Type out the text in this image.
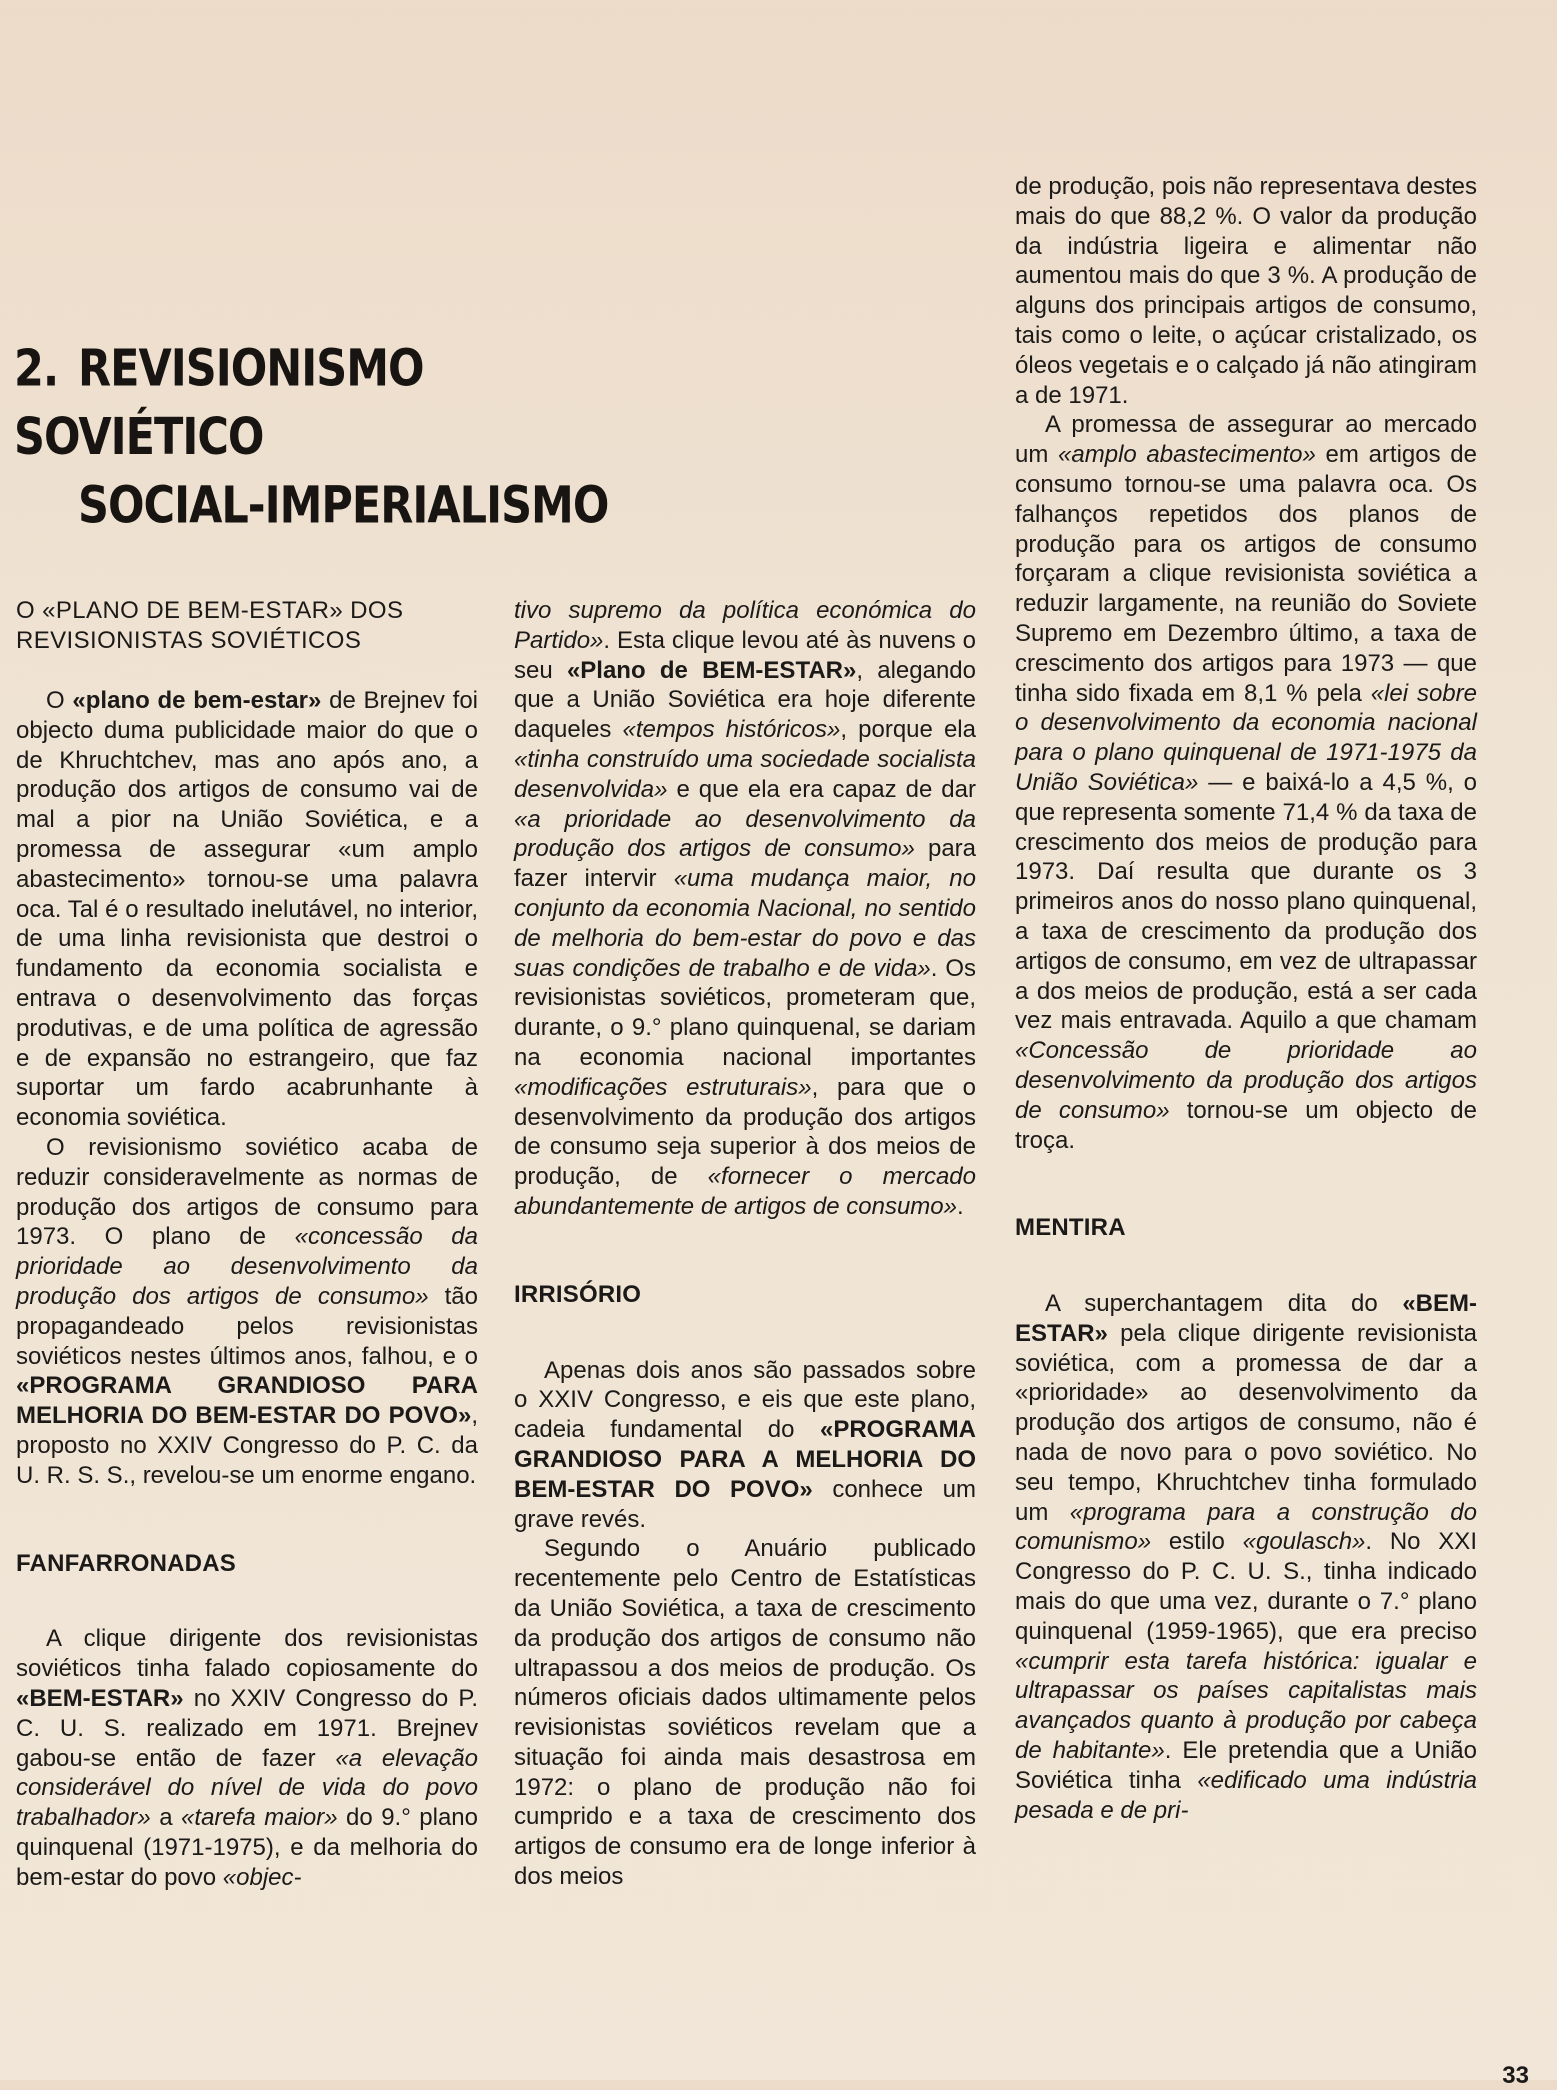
2. REVISIONISMO SOVIÉTICO
SOCIAL-IMPERIALISMO

O «PLANO DE BEM-ESTAR» DOS REVISIONISTAS SOVIÉTICOS

O «plano de bem-estar» de Brejnev foi objecto duma publicidade maior do que o de Khruchtchev, mas ano após ano, a produção dos artigos de consumo vai de mal a pior na União Soviética, e a promessa de assegurar «um amplo abastecimento» tornou-se uma palavra oca. Tal é o resultado inelutável, no interior, de uma linha revisionista que destroi o fundamento da economia socialista e entrava o desenvolvimento das forças produtivas, e de uma política de agressão e de expansão no estrangeiro, que faz suportar um fardo acabrunhante à economia soviética.

O revisionismo soviético acaba de reduzir consideravelmente as normas de produção dos artigos de consumo para 1973. O plano de «concessão da prioridade ao desenvolvimento da produção dos artigos de consumo» tão propagandeado pelos revisionistas soviéticos nestes últimos anos, falhou, e o «PROGRAMA GRANDIOSO PARA MELHORIA DO BEM-ESTAR DO POVO», proposto no XXIV Congresso do P. C. da U. R. S. S., revelou-se um enorme engano.

FANFARRONADAS

A clique dirigente dos revisionistas soviéticos tinha falado copiosamente do «BEM-ESTAR» no XXIV Congresso do P. C. U. S. realizado em 1971. Brejnev gabou-se então de fazer «a elevação considerável do nível de vida do povo trabalhador» a «tarefa maior» do 9.° plano quinquenal (1971-1975), e da melhoria do bem-estar do povo «objec-

tivo supremo da política económica do Partido». Esta clique levou até às nuvens o seu «Plano de BEM-ESTAR», alegando que a União Soviética era hoje diferente daqueles «tempos históricos», porque ela «tinha construído uma sociedade socialista desenvolvida» e que ela era capaz de dar «a prioridade ao desenvolvimento da produção dos artigos de consumo» para fazer intervir «uma mudança maior, no conjunto da economia Nacional, no sentido de melhoria do bem-estar do povo e das suas condições de trabalho e de vida». Os revisionistas soviéticos, prometeram que, durante, o 9.° plano quinquenal, se dariam na economia nacional importantes «modificações estruturais», para que o desenvolvimento da produção dos artigos de consumo seja superior à dos meios de produção, de «fornecer o mercado abundantemente de artigos de consumo».

IRRISÓRIO

Apenas dois anos são passados sobre o XXIV Congresso, e eis que este plano, cadeia fundamental do «PROGRAMA GRANDIOSO PARA A MELHORIA DO BEM-ESTAR DO POVO» conhece um grave revés.

Segundo o Anuário publicado recentemente pelo Centro de Estatísticas da União Soviética, a taxa de crescimento da produção dos artigos de consumo não ultrapassou a dos meios de produção. Os números oficiais dados ultimamente pelos revisionistas soviéticos revelam que a situação foi ainda mais desastrosa em 1972: o plano de produção não foi cumprido e a taxa de crescimento dos artigos de consumo era de longe inferior à dos meios

de produção, pois não representava destes mais do que 88,2 %. O valor da produção da indústria ligeira e alimentar não aumentou mais do que 3 %. A produção de alguns dos principais artigos de consumo, tais como o leite, o açúcar cristalizado, os óleos vegetais e o calçado já não atingiram a de 1971.

A promessa de assegurar ao mercado um «amplo abastecimento» em artigos de consumo tornou-se uma palavra oca. Os falhanços repetidos dos planos de produção para os artigos de consumo forçaram a clique revisionista soviética a reduzir largamente, na reunião do Soviete Supremo em Dezembro último, a taxa de crescimento dos artigos para 1973 — que tinha sido fixada em 8,1 % pela «lei sobre o desenvolvimento da economia nacional para o plano quinquenal de 1971-1975 da União Soviética» — e baixá-lo a 4,5 %, o que representa somente 71,4 % da taxa de crescimento dos meios de produção para 1973. Daí resulta que durante os 3 primeiros anos do nosso plano quinquenal, a taxa de crescimento da produção dos artigos de consumo, em vez de ultrapassar a dos meios de produção, está a ser cada vez mais entravada. Aquilo a que chamam «Concessão de prioridade ao desenvolvimento da produção dos artigos de consumo» tornou-se um objecto de troça.

MENTIRA

A superchantagem dita do «BEM-ESTAR» pela clique dirigente revisionista soviética, com a promessa de dar a «prioridade» ao desenvolvimento da produção dos artigos de consumo, não é nada de novo para o povo soviético. No seu tempo, Khruchtchev tinha formulado um «programa para a construção do comunismo» estilo «goulasch». No XXI Congresso do P. C. U. S., tinha indicado mais do que uma vez, durante o 7.° plano quinquenal (1959-1965), que era preciso «cumprir esta tarefa histórica: igualar e ultrapassar os países capitalistas mais avançados quanto à produção por cabeça de habitante». Ele pretendia que a União Soviética tinha «edificado uma indústria pesada e de pri-

33
